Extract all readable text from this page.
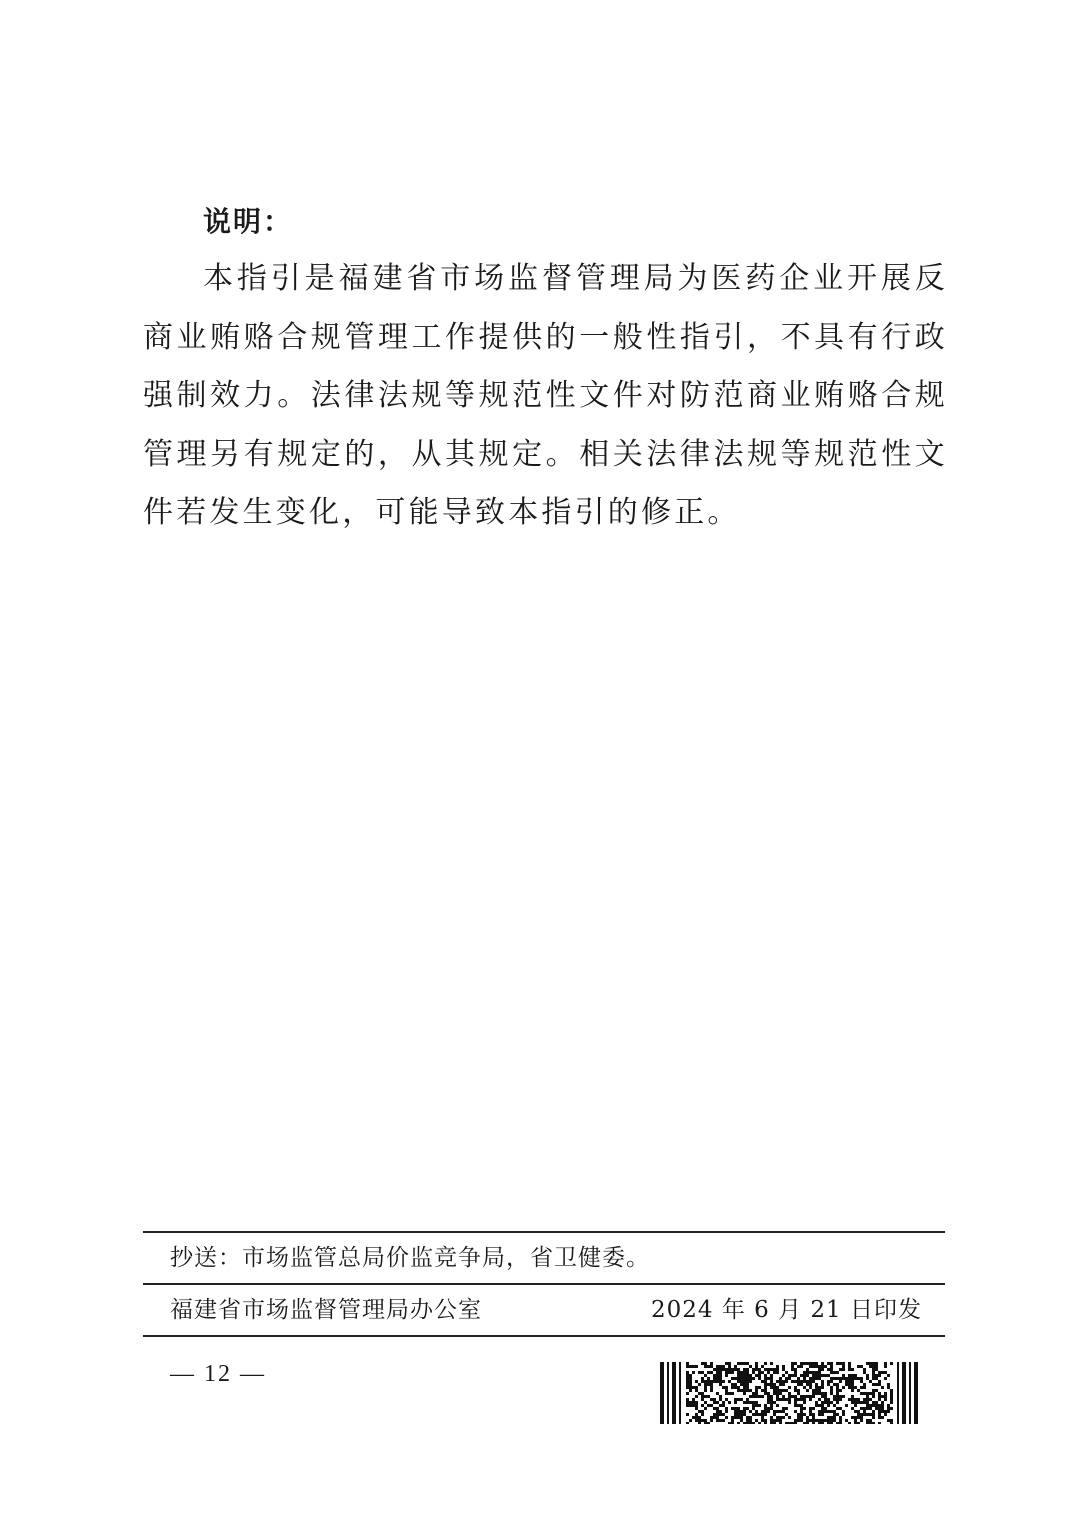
说明：
本指引是福建省市场监督管理局为医药企业开展反商业贿赂合规管理工作提供的一般性指引，不具有行政强制效力。法律法规等规范性文件对防范商业贿赂合规管理另有规定的，从其规定。相关法律法规等规范性文件若发生变化，可能导致本指引的修正。
抄送：市场监管总局价监竞争局，省卫健委。
福建省市场监督管理局办公室	2024 年 6 月 21 日印发
— 12 —
